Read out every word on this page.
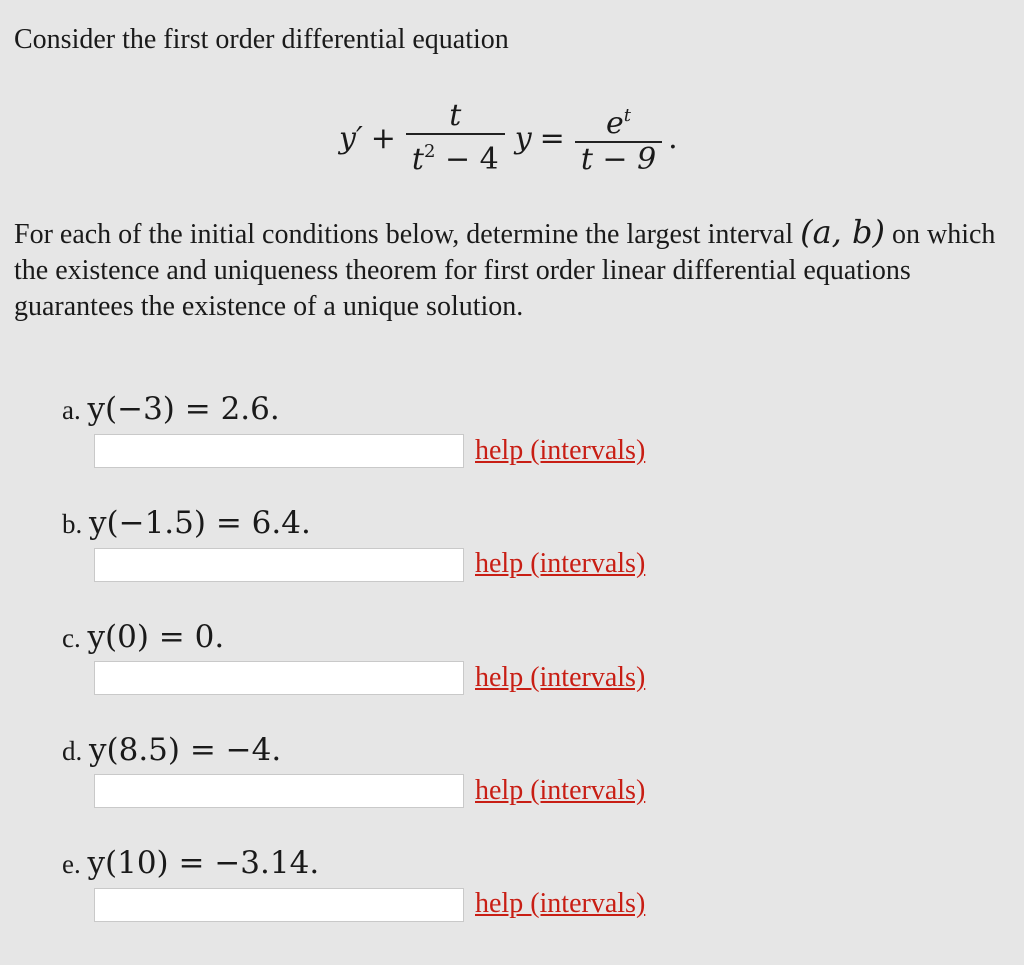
Consider the first order differential equation
$y' + \frac{t}{t^2 - 4}$ $y = \frac{e^t}{t - 9}$ .
For each of the initial conditions below, determine the largest interval (a, b) on which the existence and uniqueness theorem for first order linear differential equations guarantees the existence of a unique solution.
a. y(−3) = 2.6.
help (intervals)
b. y(−1.5) = 6.4.
help (intervals)
c. y(0) = 0.
help (intervals)
d. y(8.5) = −4.
help (intervals)
e. y(10) = −3.14.
help (intervals)
